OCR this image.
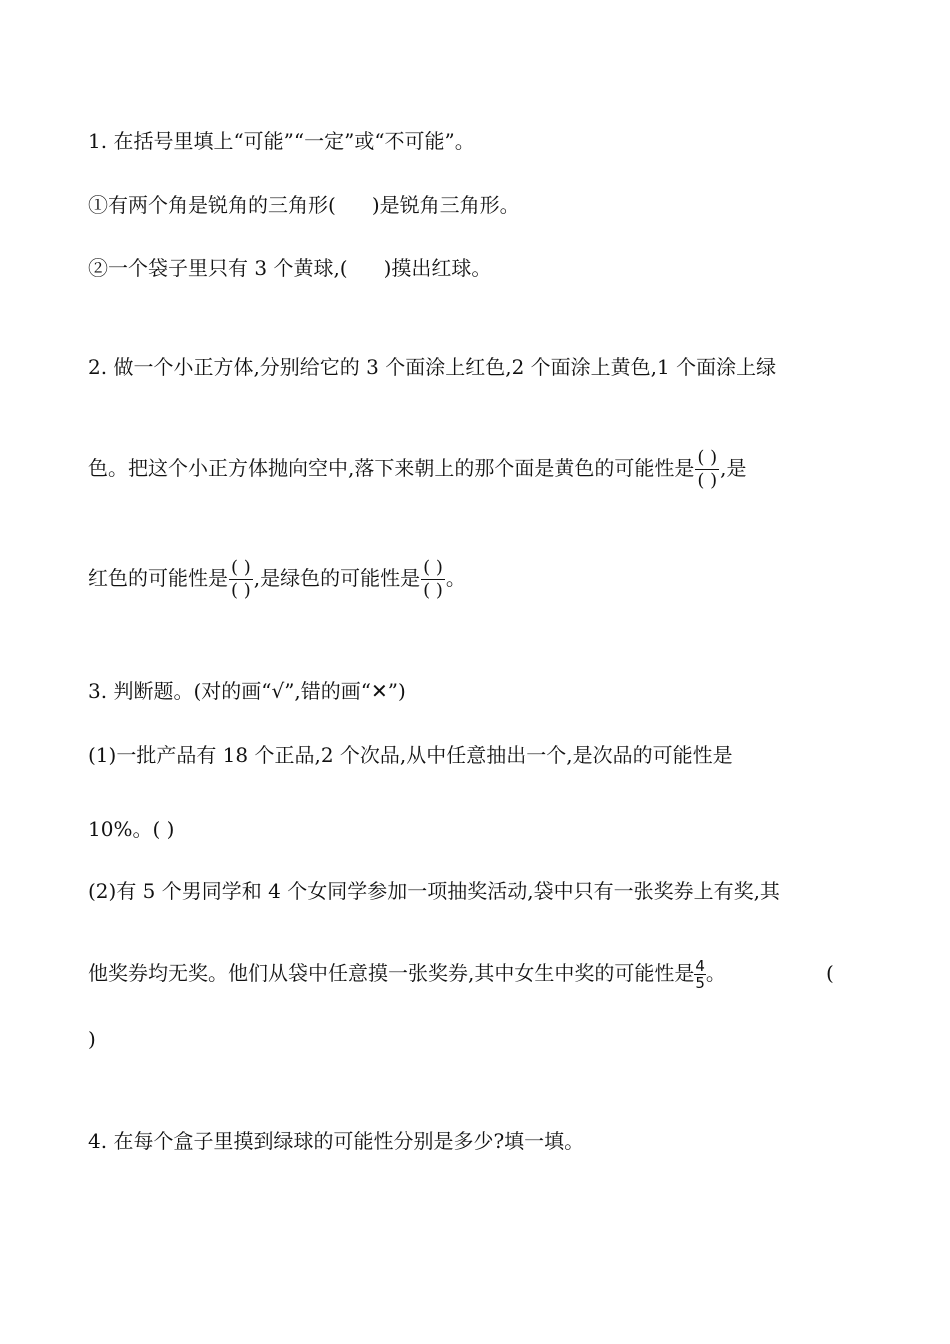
1. 在括号里填上“可能”“一定”或“不可能”。
①有两个角是锐角的三角形( )是锐角三角形。
②一个袋子里只有 3 个黄球,( )摸出红球。
2. 做一个小正方体,分别给它的 3 个面涂上红色,2 个面涂上黄色,1 个面涂上绿
色。把这个小正方体抛向空中,落下来朝上的那个面是黄色的可能性是 $\frac{( )}{( )}$ ,是
红色的可能性是 $\frac{( )}{( )}$ ,是绿色的可能性是 $\frac{( )}{( )}$ 。
3. 判断题。(对的画“√”,错的画“✕”)
(1)一批产品有 18 个正品,2 个次品,从中任意抽出一个,是次品的可能性是
10%。( )
(2)有 5 个男同学和 4 个女同学参加一项抽奖活动,袋中只有一张奖券上有奖,其
他奖券均无奖。他们从袋中任意摸一张奖券,其中女生中奖的可能性是 $\frac{4}{5}$ 。	(
)
4. 在每个盒子里摸到绿球的可能性分别是多少?填一填。
